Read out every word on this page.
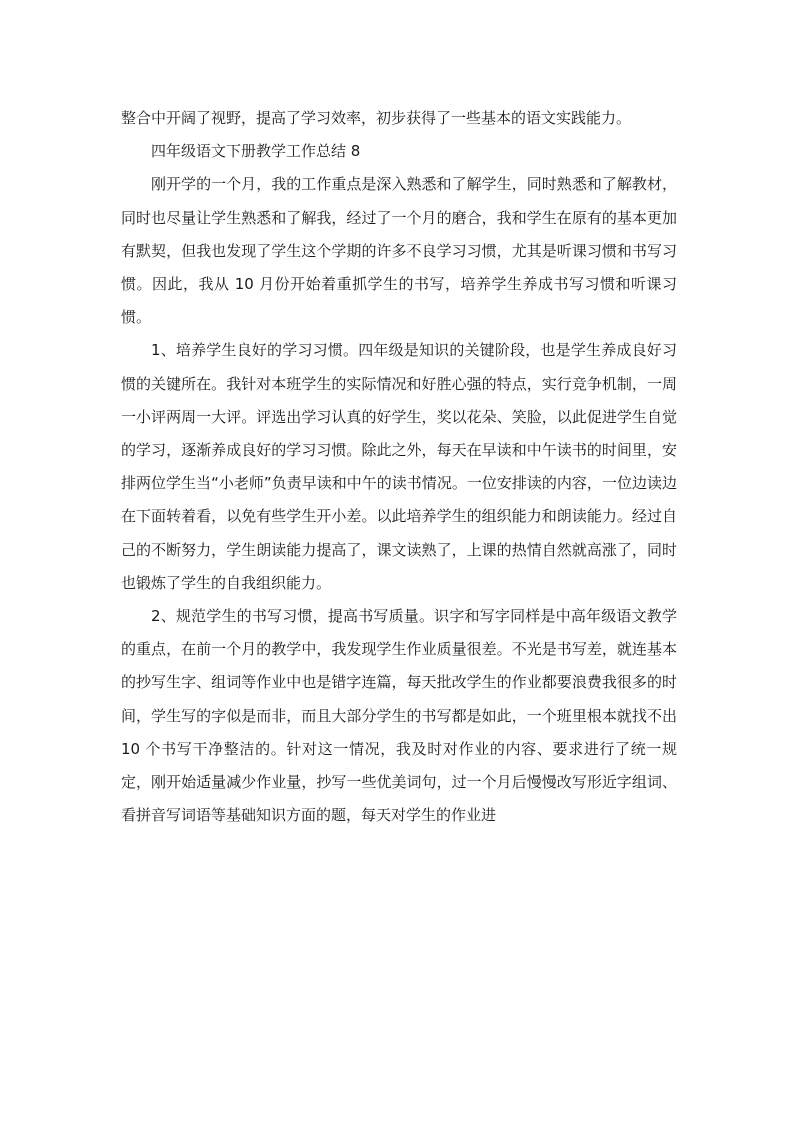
整合中开阔了视野，提高了学习效率，初步获得了一些基本的语文实践能力。

四年级语文下册教学工作总结 8

刚开学的一个月，我的工作重点是深入熟悉和了解学生，同时熟悉和了解教材，同时也尽量让学生熟悉和了解我，经过了一个月的磨合，我和学生在原有的基本更加有默契，但我也发现了学生这个学期的许多不良学习习惯，尤其是听课习惯和书写习惯。因此，我从 10 月份开始着重抓学生的书写，培养学生养成书写习惯和听课习惯。

1、培养学生良好的学习习惯。四年级是知识的关键阶段，也是学生养成良好习惯的关键所在。我针对本班学生的实际情况和好胜心强的特点，实行竞争机制，一周一小评两周一大评。评选出学习认真的好学生，奖以花朵、笑脸，以此促进学生自觉的学习，逐渐养成良好的学习习惯。除此之外，每天在早读和中午读书的时间里，安排两位学生当“小老师”负责早读和中午的读书情况。一位安排读的内容，一位边读边在下面转着看，以免有些学生开小差。以此培养学生的组织能力和朗读能力。经过自己的不断努力，学生朗读能力提高了，课文读熟了，上课的热情自然就高涨了，同时也锻炼了学生的自我组织能力。

2、规范学生的书写习惯，提高书写质量。识字和写字同样是中高年级语文教学的重点，在前一个月的教学中，我发现学生作业质量很差。不光是书写差，就连基本的抄写生字、组词等作业中也是错字连篇，每天批改学生的作业都要浪费我很多的时间，学生写的字似是而非，而且大部分学生的书写都是如此，一个班里根本就找不出 10 个书写干净整洁的。针对这一情况，我及时对作业的内容、要求进行了统一规定，刚开始适量减少作业量，抄写一些优美词句，过一个月后慢慢改写形近字组词、看拼音写词语等基础知识方面的题，每天对学生的作业进
